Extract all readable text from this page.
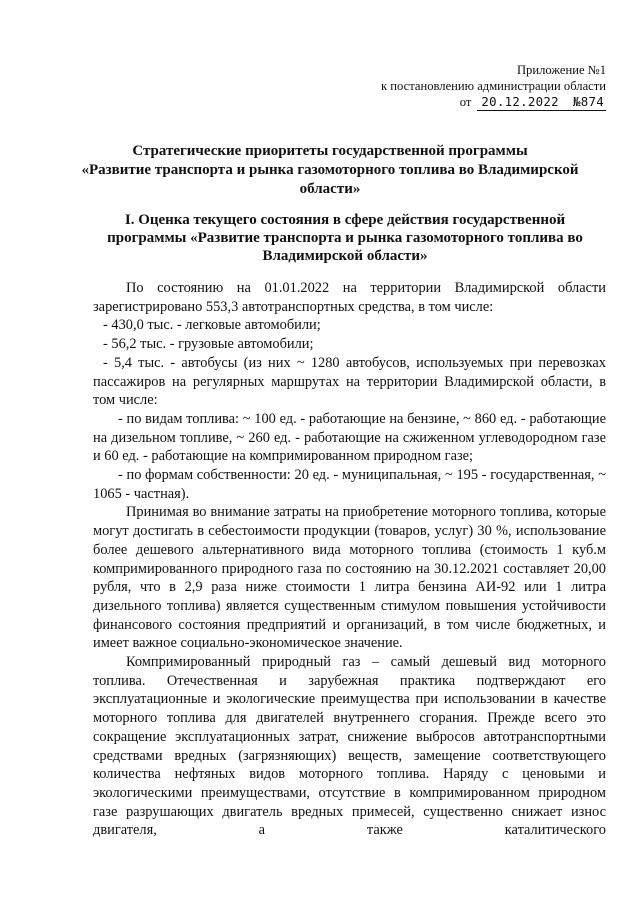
Приложение №1
к постановлению администрации области
от 20.12.2022 №874
Стратегические приоритеты государственной программы
«Развитие транспорта и рынка газомоторного топлива во Владимирской
области»
I. Оценка текущего состояния в сфере действия государственной
программы «Развитие транспорта и рынка газомоторного топлива во
Владимирской области»

По состоянию на 01.01.2022 на территории Владимирской области зарегистрировано 553,3 автотранспортных средства, в том числе:

- 430,0 тыс. - легковые автомобили;

- 56,2 тыс. - грузовые автомобили;

- 5,4 тыс. - автобусы (из них ~ 1280 автобусов, используемых при перевозках пассажиров на регулярных маршрутах на территории Владимирской области, в том числе:

- по видам топлива: ~ 100 ед. - работающие на бензине, ~ 860 ед. - работающие на дизельном топливе, ~ 260 ед. - работающие на сжиженном углеводородном газе и 60 ед. - работающие на компримированном природном газе;

- по формам собственности: 20 ед. - муниципальная, ~ 195 - государственная, ~ 1065 - частная).

Принимая во внимание затраты на приобретение моторного топлива, которые могут достигать в себестоимости продукции (товаров, услуг) 30 %, использование более дешевого альтернативного вида моторного топлива (стоимость 1 куб.м компримированного природного газа по состоянию на 30.12.2021 составляет 20,00 рубля, что в 2,9 раза ниже стоимости 1 литра бензина АИ-92 или 1 литра дизельного топлива) является существенным стимулом повышения устойчивости финансового состояния предприятий и организаций, в том числе бюджетных, и имеет важное социально-экономическое значение.

Компримированный природный газ – самый дешевый вид моторного топлива. Отечественная и зарубежная практика подтверждают его эксплуатационные и экологические преимущества при использовании в качестве моторного топлива для двигателей внутреннего сгорания. Прежде всего это сокращение эксплуатационных затрат, снижение выбросов автотранспортными средствами вредных (загрязняющих) веществ, замещение соответствующего количества нефтяных видов моторного топлива. Наряду с ценовыми и экологическими преимуществами, отсутствие в компримированном природном газе разрушающих двигатель вредных примесей, существенно снижает износ двигателя, а также каталитического
